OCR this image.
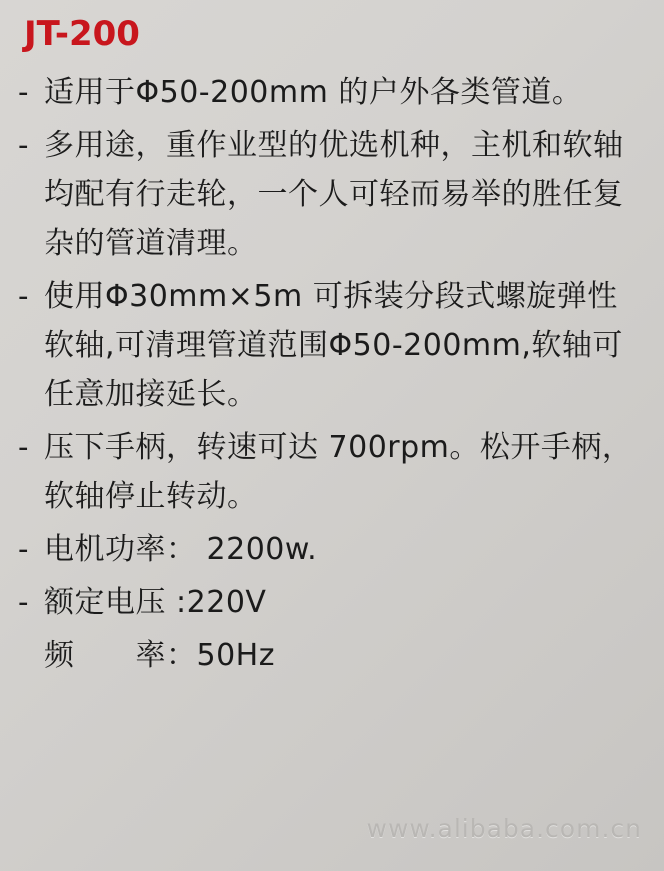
JT-200
- 适用于Φ50-200mm 的户外各类管道。
- 多用途，重作业型的优选机种，主机和软轴均配有行走轮，一个人可轻而易举的胜任复杂的管道清理。
- 使用Φ30mm×5m 可拆装分段式螺旋弹性软轴,可清理管道范围Φ50-200mm,软轴可任意加接延长。
- 压下手柄，转速可达 700rpm。松开手柄，软轴停止转动。
- 电机功率： 2200w.
- 额定电压 :220V
频　　率：50Hz
www.alibaba.com.cn
